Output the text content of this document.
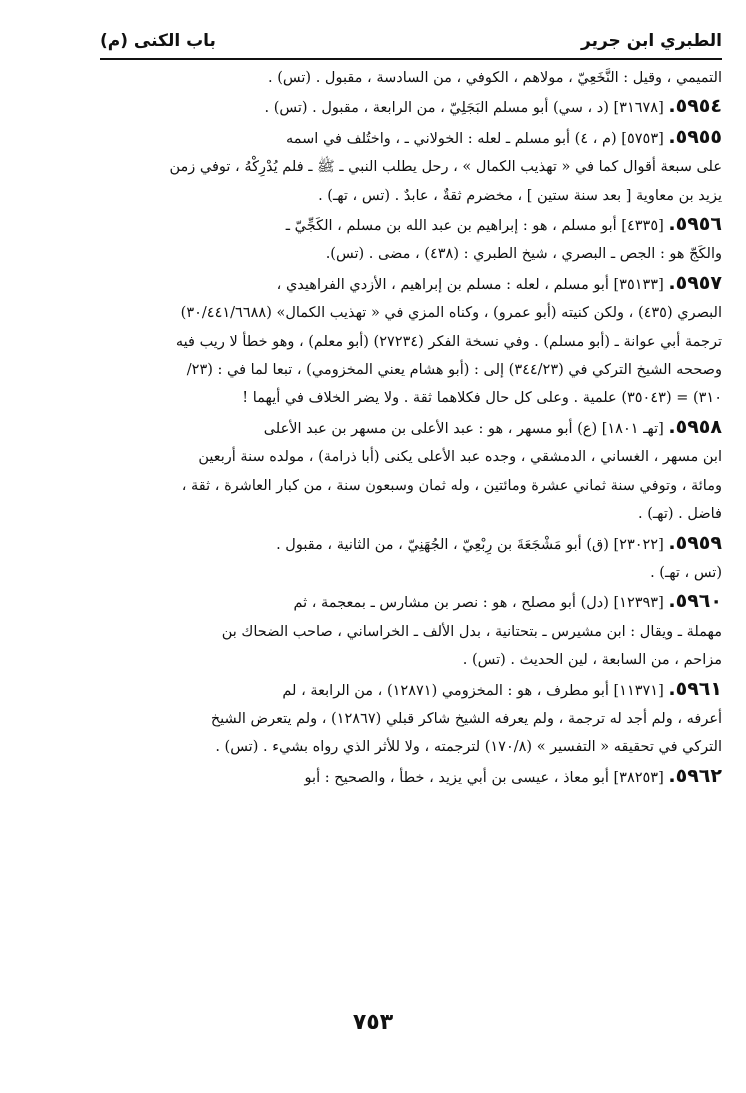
الطبري ابن جرير
باب الكنى (م)
التميمي ، وقيل : النَّخَعِيّ ، مولاهم ، الكوفي ، من السادسة ، مقبول . (تس) .
٥٩٥٤. [٣١٦٧٨] (د ، سي) أبو مسلم البَجَلِيّ ، من الرابعة ، مقبول . (تس) .
٥٩٥٥. [٥٧٥٣] (م ، ٤) أبو مسلم ـ لعله : الخولاني ـ ، واختُلف في اسمه
على سبعة أقوال كما في « تهذيب الكمال » ، رحل يطلب النبي ـ ﷺ ـ فلم يُدْرِكْهُ ، توفي زمن
يزيد بن معاوية [ بعد سنة ستين ] ، مخضرم ثقةٌ ، عابدٌ . (تس ، تهـ) .
٥٩٥٦. [٤٣٣٥] أبو مسلم ، هو : إبراهيم بن عبد الله بن مسلم ، الكَجِّيّ ـ
والكَجّ هو : الجص ـ البصري ، شيخ الطبري : (٤٣٨) ، مضى . (تس).
٥٩٥٧. [٣٥١٣٣] أبو مسلم ، لعله : مسلم بن إبراهيم ، الأزدي الفراهيدي ،
البصري (٤٣٥) ، ولكن كنيته (أبو عمرو) ، وكناه المزي في « تهذيب الكمال» (٣٠/٤٤١/٦٦٨٨)
ترجمة أبي عوانة ـ (أبو مسلم) . وفي نسخة الفكر (٢٧٢٣٤) (أبو معلم) ، وهو خطأ لا ريب فيه
وصححه الشيخ التركي في (٣٤٤/٢٣) إلى : (أبو هشام يعني المخزومي) ، تبعا لما في : (٢٣/
٣١٠) = (٣٥٠٤٣) علمية . وعلى كل حال فكلاهما ثقة . ولا يضر الخلاف في أيهما !
٥٩٥٨. [تهـ ١٨٠١] (ع) أبو مسهر ، هو : عبد الأعلى بن مسهر بن عبد الأعلى
ابن مسهر ، الغساني ، الدمشقي ، وجده عبد الأعلى يكنى (أبا ذرامة) ، مولده سنة أربعين
ومائة ، وتوفي سنة ثماني عشرة ومائتين ، وله ثمان وسبعون سنة ، من كبار العاشرة ، ثقة ،
فاضل . (تهـ) .
٥٩٥٩. [٢٣٠٢٢] (ق) أبو مَشْجَعَةَ بن رِبْعِيّ ، الجُهَنِيّ ، من الثانية ، مقبول .
(تس ، تهـ) .
٥٩٦٠. [١٢٣٩٣] (دل) أبو مصلح ، هو : نصر بن مشارس ـ بمعجمة ، ثم
مهملة ـ ويقال : ابن مشيرس ـ بتحتانية ، بدل الألف ـ الخراساني ، صاحب الضحاك بن
مزاحم ، من السابعة ، لين الحديث . (تس) .
٥٩٦١. [١١٣٧١] أبو مطرف ، هو : المخزومي (١٢٨٧١) ، من الرابعة ، لم
أعرفه ، ولم أجد له ترجمة ، ولم يعرفه الشيخ شاكر قبلي (١٢٨٦٧) ، ولم يتعرض الشيخ
التركي في تحقيقه « التفسير » (١٧٠/٨) لترجمته ، ولا للأثر الذي رواه بشيء . (تس) .
٥٩٦٢. [٣٨٢٥٣] أبو معاذ ، عيسى بن أبي يزيد ، خطأ ، والصحيح : أبو
٧٥٣
